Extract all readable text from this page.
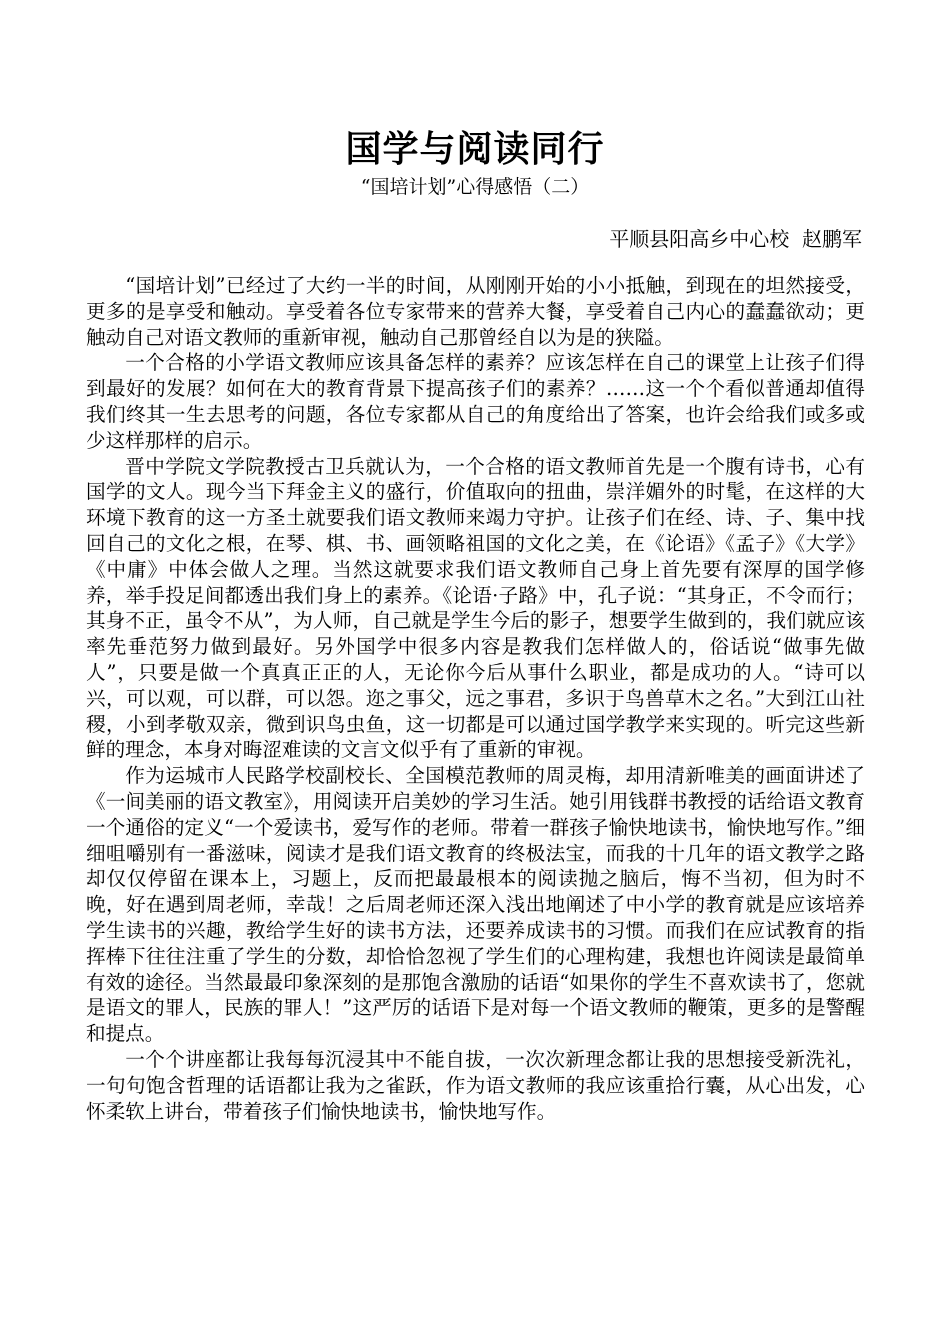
国学与阅读同行
“国培计划”心得感悟（二）
平顺县阳高乡中心校  赵鹏军

“国培计划”已经过了大约一半的时间，从刚刚开始的小小抵触，到现在的坦然接受，更多的是享受和触动。享受着各位专家带来的营养大餐，享受着自己内心的蠢蠢欲动；更触动自己对语文教师的重新审视，触动自己那曾经自以为是的狭隘。

一个合格的小学语文教师应该具备怎样的素养？应该怎样在自己的课堂上让孩子们得到最好的发展？如何在大的教育背景下提高孩子们的素养？……这一个个看似普通却值得我们终其一生去思考的问题，各位专家都从自己的角度给出了答案，也许会给我们或多或少这样那样的启示。

晋中学院文学院教授古卫兵就认为，一个合格的语文教师首先是一个腹有诗书，心有国学的文人。现今当下拜金主义的盛行，价值取向的扭曲，崇洋媚外的时髦，在这样的大环境下教育的这一方圣土就要我们语文教师来竭力守护。让孩子们在经、诗、子、集中找回自己的文化之根，在琴、棋、书、画领略祖国的文化之美，在《论语》《孟子》《大学》《中庸》中体会做人之理。当然这就要求我们语文教师自己身上首先要有深厚的国学修养，举手投足间都透出我们身上的素养。《论语·子路》中，孔子说：“其身正，不令而行；其身不正，虽令不从”，为人师，自己就是学生今后的影子，想要学生做到的，我们就应该率先垂范努力做到最好。另外国学中很多内容是教我们怎样做人的，俗话说“做事先做人”，只要是做一个真真正正的人，无论你今后从事什么职业，都是成功的人。“诗可以兴，可以观，可以群，可以怨。迩之事父，远之事君，多识于鸟兽草木之名。”大到江山社稷，小到孝敬双亲，微到识鸟虫鱼，这一切都是可以通过国学教学来实现的。听完这些新鲜的理念，本身对晦涩难读的文言文似乎有了重新的审视。

作为运城市人民路学校副校长、全国模范教师的周灵梅，却用清新唯美的画面讲述了《一间美丽的语文教室》，用阅读开启美妙的学习生活。她引用钱群书教授的话给语文教育一个通俗的定义“一个爱读书，爱写作的老师。带着一群孩子愉快地读书，愉快地写作。”细细咀嚼别有一番滋味，阅读才是我们语文教育的终极法宝，而我的十几年的语文教学之路却仅仅停留在课本上，习题上，反而把最最根本的阅读抛之脑后，悔不当初，但为时不晚，好在遇到周老师，幸哉！之后周老师还深入浅出地阐述了中小学的教育就是应该培养学生读书的兴趣，教给学生好的读书方法，还要养成读书的习惯。而我们在应试教育的指挥棒下往往注重了学生的分数，却恰恰忽视了学生们的心理构建，我想也许阅读是最简单有效的途径。当然最最印象深刻的是那饱含激励的话语“如果你的学生不喜欢读书了，您就是语文的罪人，民族的罪人！”这严厉的话语下是对每一个语文教师的鞭策，更多的是警醒和提点。

一个个讲座都让我每每沉浸其中不能自拔，一次次新理念都让我的思想接受新洗礼，一句句饱含哲理的话语都让我为之雀跃，作为语文教师的我应该重拾行囊，从心出发，心怀柔软上讲台，带着孩子们愉快地读书，愉快地写作。
